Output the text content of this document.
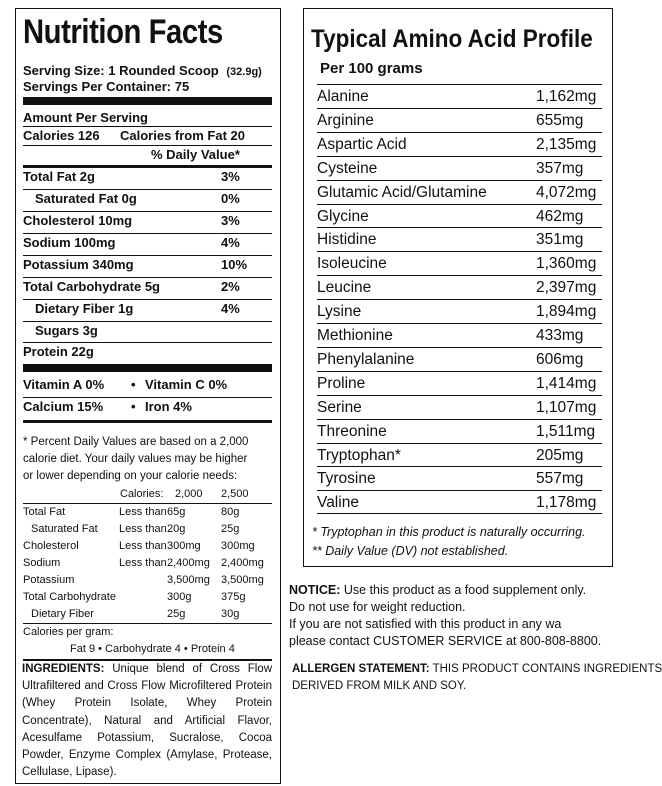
Nutrition Facts
Serving Size: 1 Rounded Scoop (32.9g)
Servings Per Container: 75
Amount Per Serving
Calories 126 Calories from Fat 20
% Daily Value*
Total Fat 2g	3%
Saturated Fat 0g	0%
Cholesterol 10mg	3%
Sodium 100mg	4%
Potassium 340mg	10%
Total Carbohydrate 5g	2%
Dietary Fiber 1g	4%
Sugars 3g
Protein 22g
Vitamin A 0% • Vitamin C 0%
Calcium 15% • Iron 4%
* Percent Daily Values are based on a 2,000
calorie diet. Your daily values may be higher
or lower depending on your calorie needs:
Calories: 2,000 2,500
Total Fat	Less than 65g	80g
Saturated Fat Less than 20g	25g
Cholesterol	Less than 300mg 300mg
Sodium	Less than 2,400mg 2,400mg
Potassium	3,500mg 3,500mg
Total Carbohydrate	300g	375g
Dietary Fiber	25g	30g
Calories per gram:
Fat 9 • Carbohydrate 4 • Protein 4
INGREDIENTS: Unique blend of Cross Flow Ultrafiltered and Cross Flow Microfiltered Protein (Whey Protein Isolate, Whey Protein Concentrate), Natural and Artificial Flavor, Acesulfame Potassium, Sucralose, Cocoa Powder, Enzyme Complex (Amylase, Protease, Cellulase, Lipase).
Typical Amino Acid Profile
Per 100 grams
Alanine	1,162mg
Arginine	655mg
Aspartic Acid	2,135mg
Cysteine	357mg
Glutamic Acid/Glutamine	4,072mg
Glycine	462mg
Histidine	351mg
Isoleucine	1,360mg
Leucine	2,397mg
Lysine	1,894mg
Methionine	433mg
Phenylalanine	606mg
Proline	1,414mg
Serine	1,107mg
Threonine	1,511mg
Tryptophan*	205mg
Tyrosine	557mg
Valine	1,178mg
* Tryptophan in this product is naturally occurring.
** Daily Value (DV) not established.
NOTICE: Use this product as a food supplement only.
Do not use for weight reduction.
If you are not satisfied with this product in any wa
please contact CUSTOMER SERVICE at 800-808-8800.
ALLERGEN STATEMENT: THIS PRODUCT CONTAINS INGREDIENTS
DERIVED FROM MILK AND SOY.
